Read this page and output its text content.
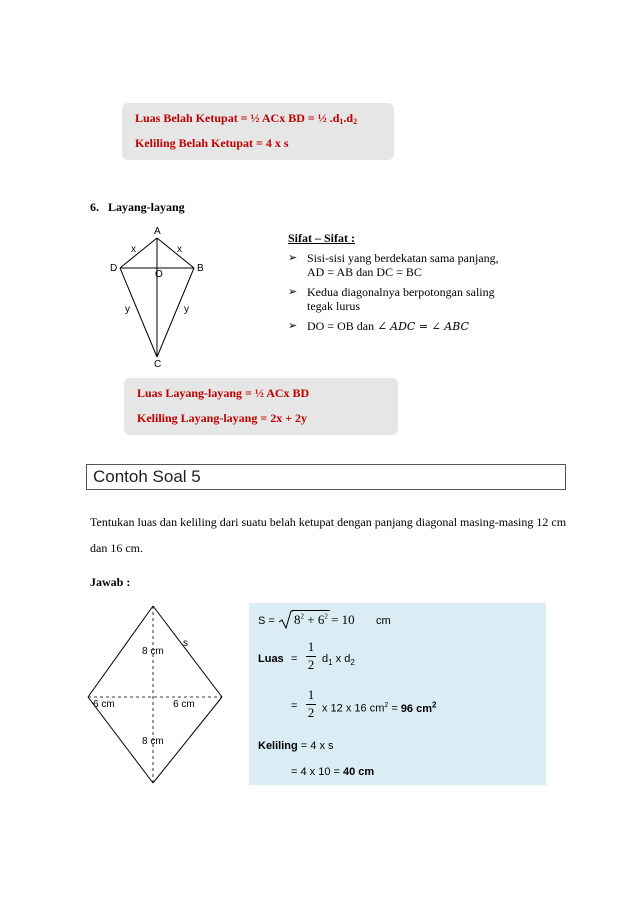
Luas Belah Ketupat = ½ ACx BD = ½ $.d_1.d_2$
Keliling Belah Ketupat = 4 x s
6. Layang-layang
A
D	B
O
C
x	x
y	y
Sifat – Sifat :
➢ Sisi-sisi yang berdekatan sama panjang,
AD = AB dan DC = BC
➢ Kedua diagonalnya berpotongan saling
tegak lurus
➢ DO = OB dan ∠ ADC = ∠ ABC
Luas Layang-layang = ½ ACx BD
Keliling Layang-layang = 2x + 2y
Contoh Soal 5
Tentukan luas dan keliling dari suatu belah ketupat dengan panjang diagonal masing-masing 12 cm dan 16 cm.
Jawab :
s
8 cm
8 cm
6 cm	6 cm
$S = 8^2 + 6^2 = 10$ cm
Luas =
1
2 $d_1$ x $d_2$
=
1
2 x 12 x 16 $cm^2 = 96$ $cm^2$
Keliling = 4 x s
= 4 x 10 = 40 cm
